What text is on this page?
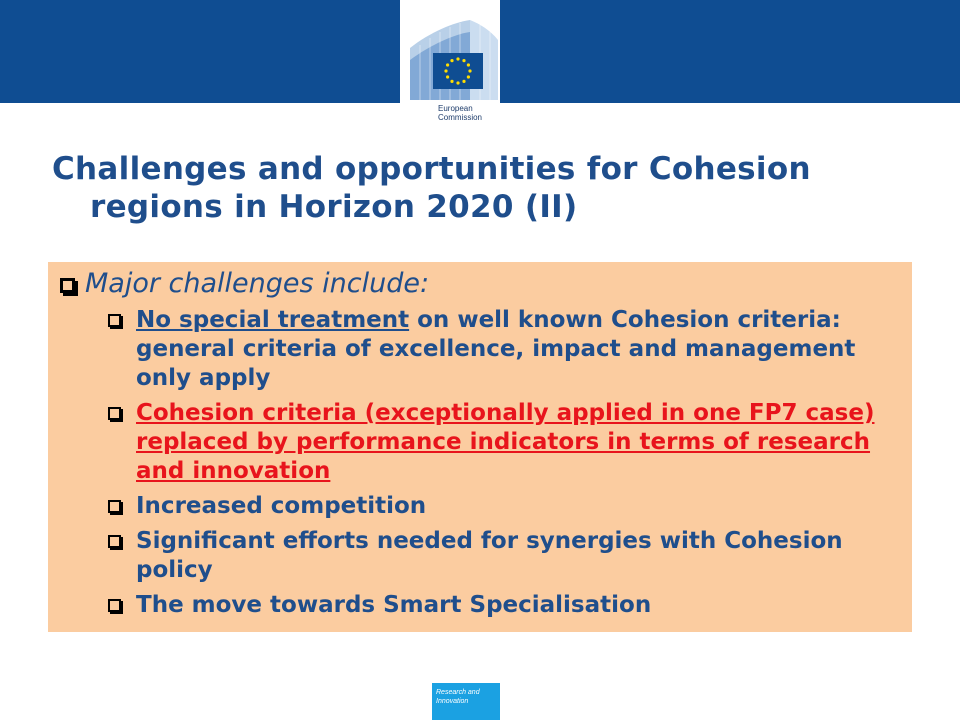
European
Commission
Challenges and opportunities for Cohesion
regions in Horizon 2020 (II)
Major challenges include:
No special treatment on well known Cohesion criteria: general criteria of excellence, impact and management only apply
Cohesion criteria (exceptionally applied in one FP7 case) replaced by performance indicators in terms of research and innovation
Increased competition
Significant efforts needed for synergies with Cohesion policy
The move towards Smart Specialisation
Research and
Innovation
